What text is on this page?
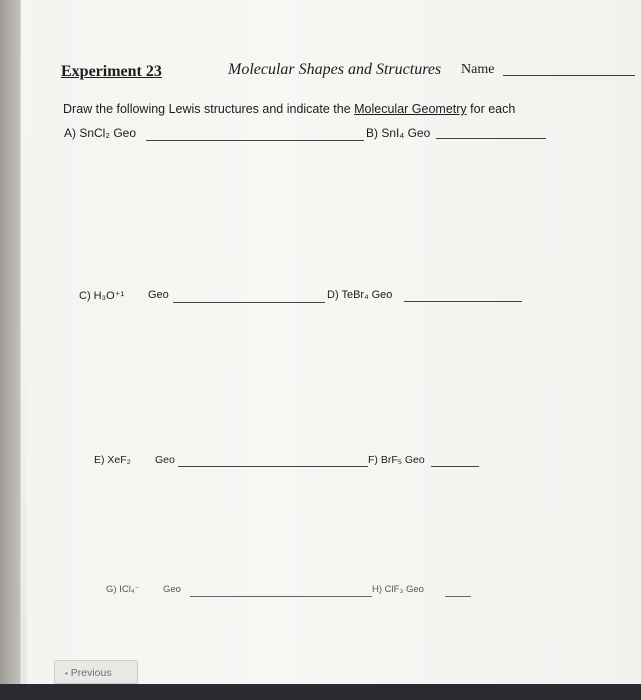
Experiment 23	Molecular Shapes and Structures Name
Draw the following Lewis structures and indicate the Molecular Geometry for each
A) SnCl₂ Geo	B) SnI₄ Geo
C) H₃O⁺¹ Geo	D) TeBr₄ Geo
E) XeF₂ Geo	F) BrF₅ Geo
G) ICl₄⁻ Geo	H) ClF₃ Geo
• Previous
